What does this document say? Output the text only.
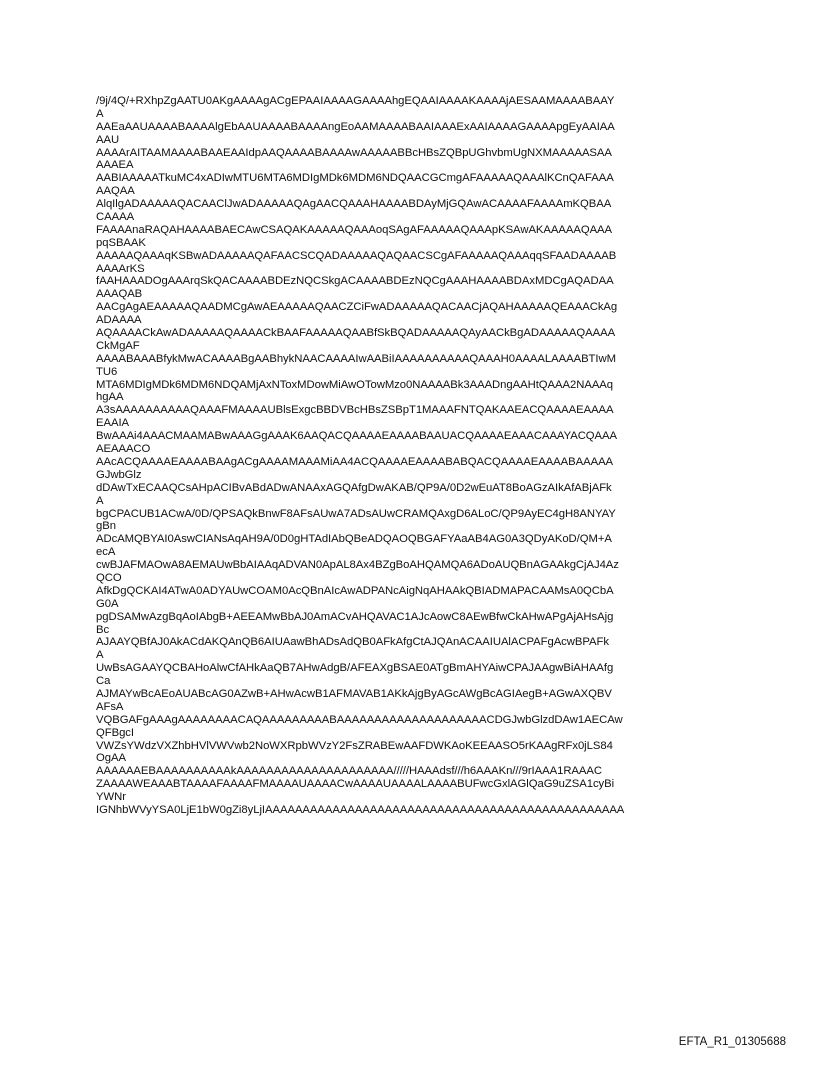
/9j/4Q/+RXhpZgAATU0AKgAAAAgACgEPAAIAAAAGAAAAhgEQAAIAAAAKAAAAjAESAAMAAAABAAY

A

AAEaAAUAAAABAAAAlgEbAAUAAAABAAAAngEoAAMAAAABAAIAAAExAAIAAAAGAAAApgEyAAIAA

AAU

AAAArAITAAMAAAABAAEAAIdpAAQAAAABAAAAwAAAAABBcHBsZQBpUGhvbmUgNXMAAAAASAA

AAAEA

AABIAAAAATkuMC4xADIwMTU6MTA6MDIgMDk6MDM6NDQAACGCmgAFAAAAAQAAAlKCnQAFAAA

AAQAA

AlqIlgADAAAAAQACAAClJwADAAAAAQAgAACQAAAHAAAABDAyMjGQAwACAAAAFAAAAmKQBAA

CAAAA

FAAAAnaRAQAHAAAABAECAwCSAQAKAAAAAQAAAoqSAgAFAAAAAQAAApKSAwAKAAAAAQAAA

pqSBAAK

AAAAAQAAAqKSBwADAAAAAQAFAACSCQADAAAAAQAQAACSCgAFAAAAAQAAAqqSFAADAAAAB

AAAArKS

fAAHAAADOgAAArqSkQACAAAABDEzNQCSkgACAAAABDEzNQCgAAAHAAAABDAxMDCgAQADAA

AAAQAB

AACgAgAEAAAAAQAADMCgAwAEAAAAAQAACZCiFwADAAAAAQACAACjAQAHAAAAAQEAAACkAg

ADAAAA

AQAAAACkAwADAAAAAQAAAACkBAAFAAAAAQAABfSkBQADAAAAAQAyAACkBgADAAAAAQAAAA

CkMgAF

AAAABAAABfykMwACAAAABgAABhykNAACAAAAIwAABiIAAAAAAAAAAQAAAH0AAAALAAAABTIwM

TU6

MTA6MDIgMDk6MDM6NDQAMjAxNToxMDowMiAwOTowMzo0NAAAABk3AAADngAAHtQAAA2NAAAq

hgAA

A3sAAAAAAAAAAQAAAFMAAAAUBlsExgcBBDVBcHBsZSBpT1MAAAFNTQAKAAEACQAAAAEAAAA

EAAIA

BwAAAi4AAACMAAMABwAAAGgAAAK6AAQACQAAAAEAAAABAAUACQAAAAEAAACAAAYACQAAA

AEAAACO

AAcACQAAAAEAAAABAAgACgAAAAMAAAMiAA4ACQAAAAEAAAABABQACQAAAAEAAAABAAAAA

GJwbGlz

dDAwTxECAAQCsAHpACIBvABdADwANAAxAGQAfgDwAKAB/QP9A/0D2wEuAT8BoAGzAIkAfABjAFk

A

bgCPACUB1ACwA/0D/QPSAQkBnwF8AFsAUwA7ADsAUwCRAMQAxgD6ALoC/QP9AyEC4gH8ANYAY

gBn

ADcAMQBYAI0AswCIANsAqAH9A/0D0gHTAdIAbQBeADQAOQBGAFYAaAB4AG0A3QDyAKoD/QM+A

ecA

cwBJAFMAOwA8AEMAUwBbAIAAqADVAN0ApAL8Ax4BZgBoAHQAMQA6ADoAUQBnAGAAkgCjAJ4Az

QCO

AfkDgQCKAI4ATwA0ADYAUwCOAM0AcQBnAIcAwADPANcAigNqAHAAkQBIADMAPACAAMsA0QCbA

G0A

pgDSAMwAzgBqAoIAbgB+AEEAMwBbAJ0AmACvAHQAVAC1AJcAowC8AEwBfwCkAHwAPgAjAHsAjg

Bc

AJAAYQBfAJ0AkACdAKQAnQB6AIUAawBhADsAdQB0AFkAfgCtAJQAnACAAIUAlACPAFgAcwBPAFk

A

UwBsAGAAYQCBAHoAlwCfAHkAaQB7AHwAdgB/AFEAXgBSAE0ATgBmAHYAiwCPAJAAgwBiAHAAfg

Ca

AJMAYwBcAEoAUABcAG0AZwB+AHwAcwB1AFMAVAB1AKkAjgByAGcAWgBcAGIAegB+AGwAXQBV

AFsA

VQBGAFgAAAgAAAAAAAACAQAAAAAAAAABAAAAAAAAAAAAAAAAAAAACDGJwbGlzdDAw1AECAw

QFBgcI

VWZsYWdzVXZhbHVlVWVwb2NoWXRpbWVzY2FsZRABEwAAFDWKAoKEEAASO5rKAAgRFx0jLS84

OgAA

AAAAAAEBAAAAAAAAAAkAAAAAAAAAAAAAAAAAAAAA/////HAAAdsf///h6AAAKn///9rIAAA1RAAAC

ZAAAAWEAAABTAAAAFAAAAFMAAAAUAAAACwAAAAUAAAALAAAABUFwcGxlAGlQaG9uZSA1cyBi

YWNr

IGNhbWVyYSA0LjE1bW0gZi8yLjIAAAAAAAAAAAAAAAAAAAAAAAAAAAAAAAAAAAAAAAAAAAAAAAA

EFTA_R1_01305688
